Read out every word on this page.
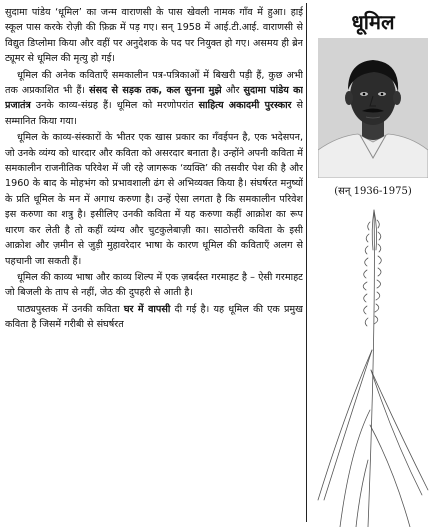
सुदामा पांडेय ‘धूमिल’ का जन्म वाराणसी के पास खेवली नामक गाँव में हुआ। हाई स्कूल पास करके रोज़ी की फ़िक्र में पड़ गए। सन् 1958 में आई.टी.आई. वाराणसी से विद्युत डिप्लोमा किया और वहीं पर अनुदेशक के पद पर नियुक्त हो गए। असमय ही ब्रेन ट्यूमर से धूमिल की मृत्यु हो गई।

धूमिल की अनेक कविताएँ समकालीन पत्र-पत्रिकाओं में बिखरी पड़ी हैं, कुछ अभी तक अप्रकाशित भी हैं। संसद से सड़क तक, कल सुनना मुझे और सुदामा पांडेय का प्रजातंत्र उनके काव्य-संग्रह हैं। धूमिल को मरणोपरांत साहित्य अकादमी पुरस्कार से सम्मानित किया गया।

धूमिल के काव्य-संस्कारों के भीतर एक खास प्रकार का गँवईपन है, एक भदेसपन, जो उनके व्यंग्य को धारदार और कविता को असरदार बनाता है। उन्होंने अपनी कविता में समकालीन राजनीतिक परिवेश में जी रहे जागरूक ‘व्यक्ति’ की तसवीर पेश की है और 1960 के बाद के मोहभंग को प्रभावशाली ढंग से अभिव्यक्त किया है। संघर्षरत मनुष्यों के प्रति धूमिल के मन में अगाध करुणा है। उन्हें ऐसा लगता है कि समकालीन परिवेश इस करुणा का शत्रु है। इसीलिए उनकी कविता में यह करुणा कहीं आक्रोश का रूप धारण कर लेती है तो कहीं व्यंग्य और चुटकुलेबाज़ी का। साठोत्तरी कविता के इसी आक्रोश और ज़मीन से जुड़ी मुहावरेदार भाषा के कारण धूमिल की कविताएँ अलग से पहचानी जा सकती हैं।

धूमिल की काव्य भाषा और काव्य शिल्प में एक ज़बर्दस्त गरमाहट है – ऐसी गरमाहट जो बिजली के ताप से नहीं, जेठ की दुपहरी से आती है।

पाठ्यपुस्तक में उनकी कविता घर में वापसी दी गई है। यह धूमिल की एक प्रमुख कविता है जिसमें गरीबी से संघर्षरत

धूमिल
(सन् 1936-1975)
